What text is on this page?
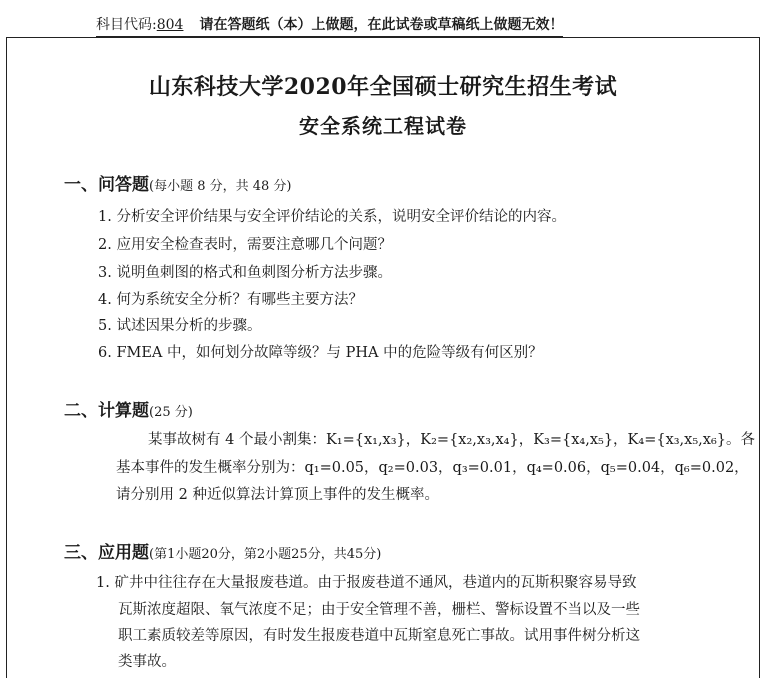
科目代码:804 请在答题纸（本）上做题，在此试卷或草稿纸上做题无效！
山东科技大学2020年全国硕士研究生招生考试
安全系统工程试卷
一、问答题(每小题 8 分，共 48 分)
1. 分析安全评价结果与安全评价结论的关系，说明安全评价结论的内容。
2. 应用安全检查表时，需要注意哪几个问题？
3. 说明鱼刺图的格式和鱼刺图分析方法步骤。
4. 何为系统安全分析？有哪些主要方法？
5. 试述因果分析的步骤。
6. FMEA 中，如何划分故障等级？与 PHA 中的危险等级有何区别？
二、计算题(25 分)
某事故树有 4 个最小割集：K₁={x₁,x₃}，K₂={x₂,x₃,x₄}，K₃={x₄,x₅}，K₄={x₃,x₅,x₆}。各
基本事件的发生概率分别为：q₁=0.05，q₂=0.03，q₃=0.01，q₄=0.06，q₅=0.04，q₆=0.02，
请分别用 2 种近似算法计算顶上事件的发生概率。
三、应用题(第1小题20分，第2小题25分，共45分)
1. 矿井中往往存在大量报废巷道。由于报废巷道不通风，巷道内的瓦斯积聚容易导致
瓦斯浓度超限、氧气浓度不足；由于安全管理不善，栅栏、警标设置不当以及一些
职工素质较差等原因，有时发生报废巷道中瓦斯窒息死亡事故。试用事件树分析这
类事故。
